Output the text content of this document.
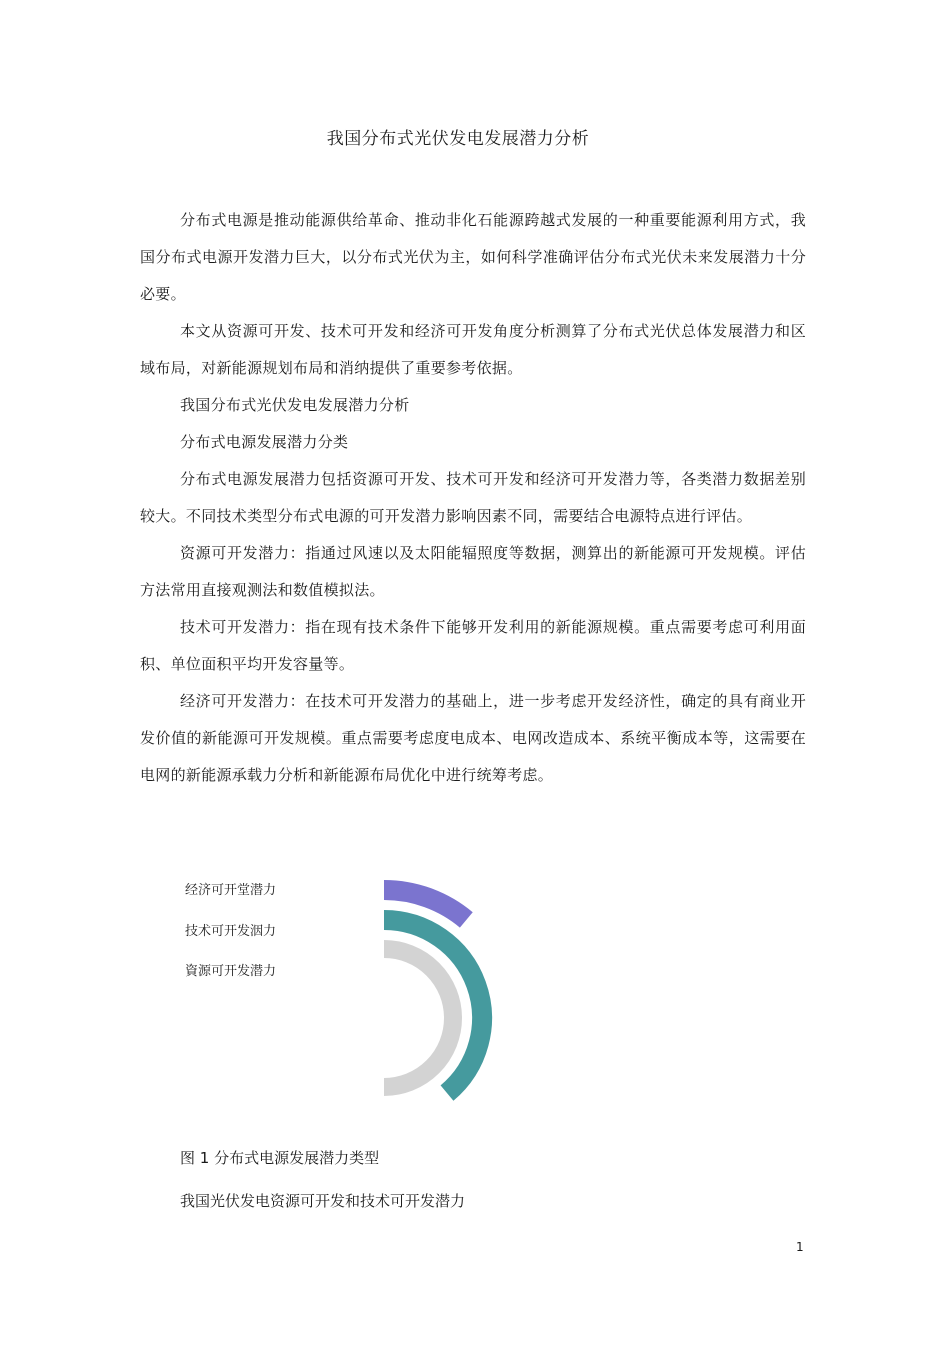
我国分布式光伏发电发展潜力分析

分布式电源是推动能源供给革命、推动非化石能源跨越式发展的一种重要能源利用方式，我国分布式电源开发潜力巨大，以分布式光伏为主，如何科学准确评估分布式光伏未来发展潜力十分必要。

本文从资源可开发、技术可开发和经济可开发角度分析测算了分布式光伏总体发展潜力和区域布局，对新能源规划布局和消纳提供了重要参考依据。

我国分布式光伏发电发展潜力分析

分布式电源发展潜力分类

分布式电源发展潜力包括资源可开发、技术可开发和经济可开发潜力等，各类潜力数据差别较大。不同技术类型分布式电源的可开发潜力影响因素不同，需要结合电源特点进行评估。

资源可开发潜力：指通过风速以及太阳能辐照度等数据，测算出的新能源可开发规模。评估方法常用直接观测法和数值模拟法。

技术可开发潜力：指在现有技术条件下能够开发利用的新能源规模。重点需要考虑可利用面积、单位面积平均开发容量等。

经济可开发潜力：在技术可开发潜力的基础上，进一步考虑开发经济性，确定的具有商业开发价值的新能源可开发规模。重点需要考虑度电成本、电网改造成本、系统平衡成本等，这需要在电网的新能源承载力分析和新能源布局优化中进行统筹考虑。

经济可开堂潜力
技术可开发洇力
資源可开发潜力
图 1 分布式电源发展潜力类型
我国光伏发电资源可开发和技术可开发潜力
1
